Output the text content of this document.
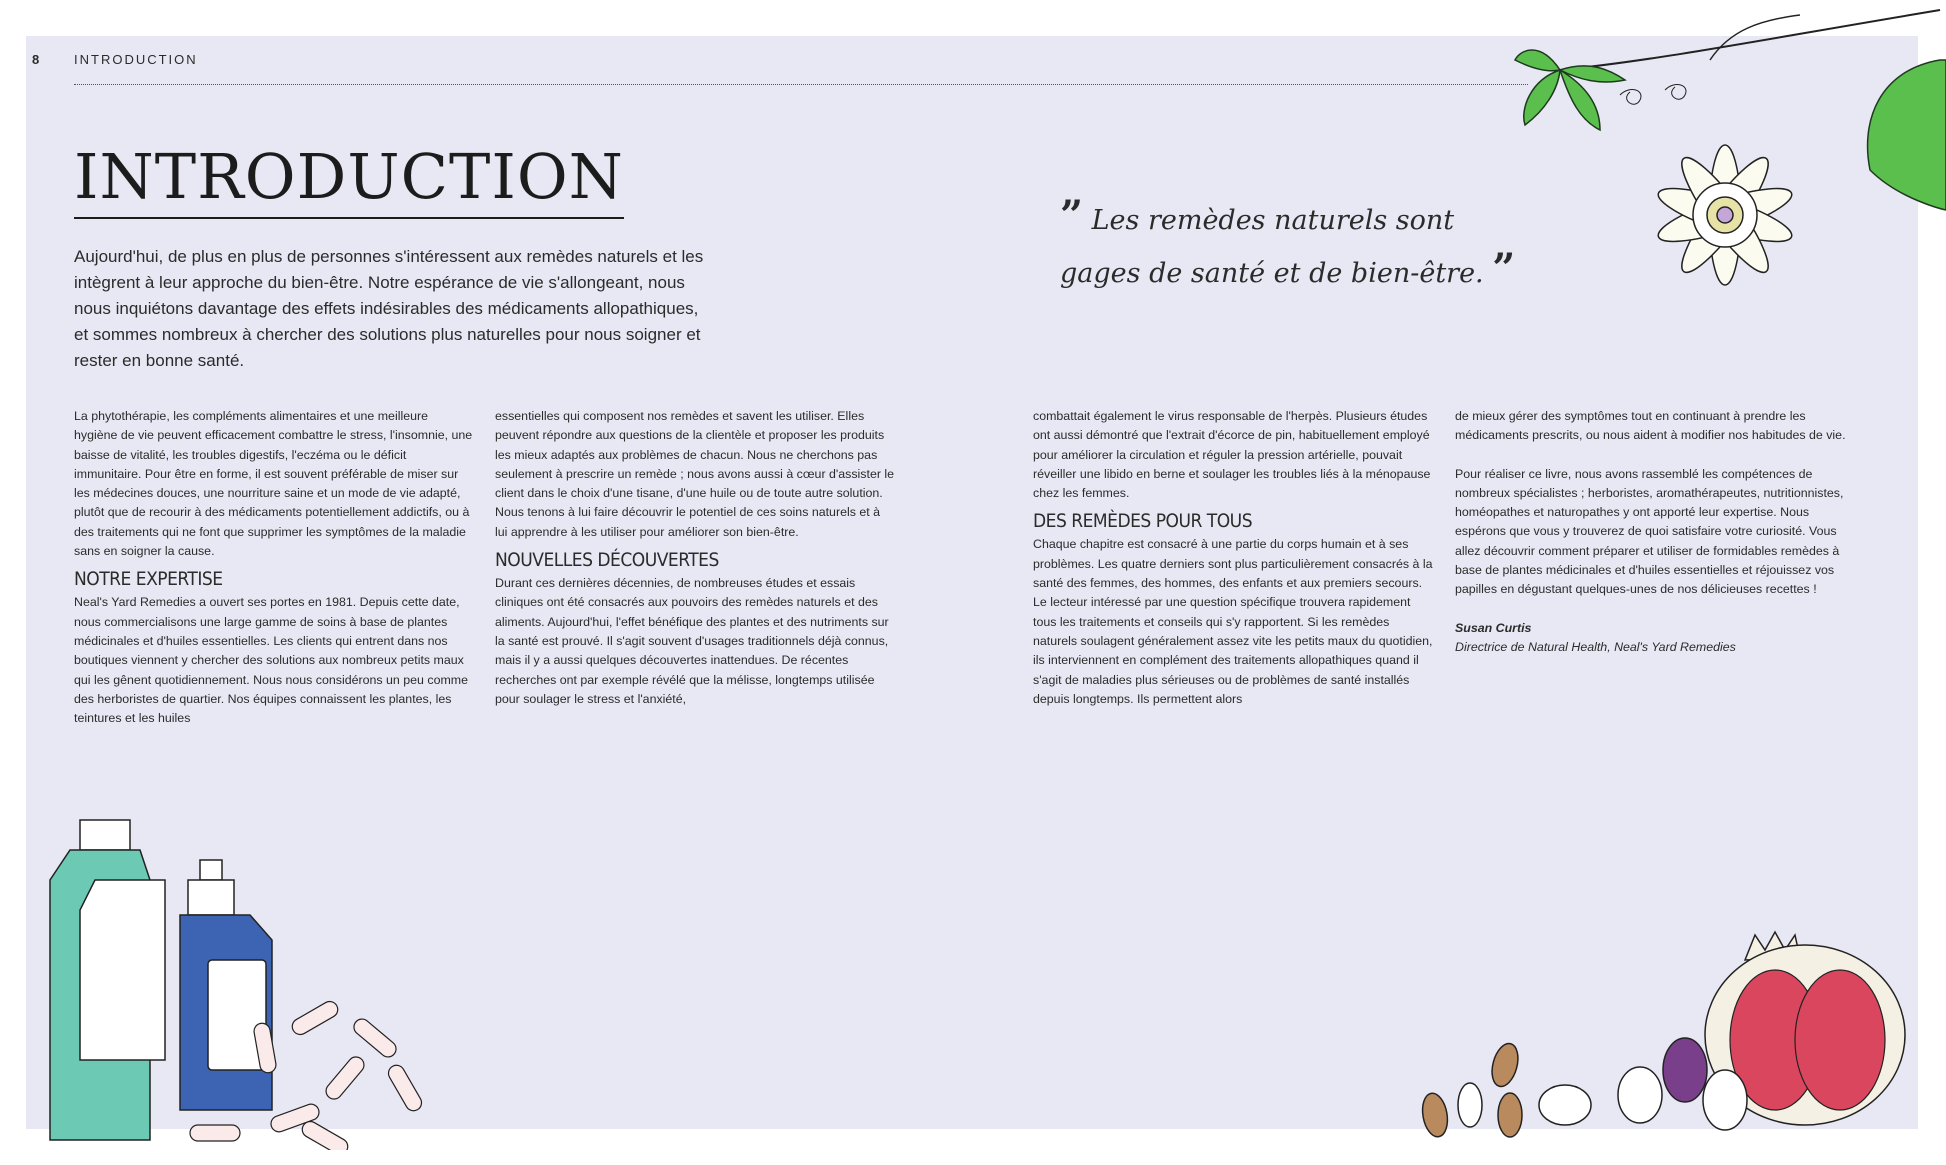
8	INTRODUCTION
INTRODUCTION

Aujourd'hui, de plus en plus de personnes s'intéressent aux remèdes naturels et les intègrent à leur approche du bien-être. Notre espérance de vie s'allongeant, nous nous inquiétons davantage des effets indésirables des médicaments allopathiques, et sommes nombreux à chercher des solutions plus naturelles pour nous soigner et rester en bonne santé.

” Les remèdes naturels sont
gages de santé et de bien-être. ”

La phytothérapie, les compléments alimentaires et une meilleure hygiène de vie peuvent efficacement combattre le stress, l'insomnie, une baisse de vitalité, les troubles digestifs, l'eczéma ou le déficit immunitaire. Pour être en forme, il est souvent préférable de miser sur les médecines douces, une nourriture saine et un mode de vie adapté, plutôt que de recourir à des médicaments potentiellement addictifs, ou à des traitements qui ne font que supprimer les symptômes de la maladie sans en soigner la cause.

NOTRE EXPERTISE

Neal's Yard Remedies a ouvert ses portes en 1981. Depuis cette date, nous commercialisons une large gamme de soins à base de plantes médicinales et d'huiles essentielles. Les clients qui entrent dans nos boutiques viennent y chercher des solutions aux nombreux petits maux qui les gênent quotidiennement. Nous nous considérons un peu comme des herboristes de quartier. Nos équipes connaissent les plantes, les teintures et les huiles

essentielles qui composent nos remèdes et savent les utiliser. Elles peuvent répondre aux questions de la clientèle et proposer les produits les mieux adaptés aux problèmes de chacun. Nous ne cherchons pas seulement à prescrire un remède ; nous avons aussi à cœur d'assister le client dans le choix d'une tisane, d'une huile ou de toute autre solution. Nous tenons à lui faire découvrir le potentiel de ces soins naturels et à lui apprendre à les utiliser pour améliorer son bien-être.

NOUVELLES DÉCOUVERTES

Durant ces dernières décennies, de nombreuses études et essais cliniques ont été consacrés aux pouvoirs des remèdes naturels et des aliments. Aujourd'hui, l'effet bénéfique des plantes et des nutriments sur la santé est prouvé. Il s'agit souvent d'usages traditionnels déjà connus, mais il y a aussi quelques découvertes inattendues. De récentes recherches ont par exemple révélé que la mélisse, longtemps utilisée pour soulager le stress et l'anxiété,

combattait également le virus responsable de l'herpès. Plusieurs études ont aussi démontré que l'extrait d'écorce de pin, habituellement employé pour améliorer la circulation et réguler la pression artérielle, pouvait réveiller une libido en berne et soulager les troubles liés à la ménopause chez les femmes.

DES REMÈDES POUR TOUS

Chaque chapitre est consacré à une partie du corps humain et à ses problèmes. Les quatre derniers sont plus particulièrement consacrés à la santé des femmes, des hommes, des enfants et aux premiers secours. Le lecteur intéressé par une question spécifique trouvera rapidement tous les traitements et conseils qui s'y rapportent. Si les remèdes naturels soulagent généralement assez vite les petits maux du quotidien, ils interviennent en complément des traitements allopathiques quand il s'agit de maladies plus sérieuses ou de problèmes de santé installés depuis longtemps. Ils permettent alors

de mieux gérer des symptômes tout en continuant à prendre les médicaments prescrits, ou nous aident à modifier nos habitudes de vie.

Pour réaliser ce livre, nous avons rassemblé les compétences de nombreux spécialistes ; herboristes, aromathérapeutes, nutritionnistes, homéopathes et naturopathes y ont apporté leur expertise. Nous espérons que vous y trouverez de quoi satisfaire votre curiosité. Vous allez découvrir comment préparer et utiliser de formidables remèdes à base de plantes médicinales et d'huiles essentielles et réjouissez vos papilles en dégustant quelques-unes de nos délicieuses recettes !

Susan Curtis

Directrice de Natural Health, Neal's Yard Remedies
